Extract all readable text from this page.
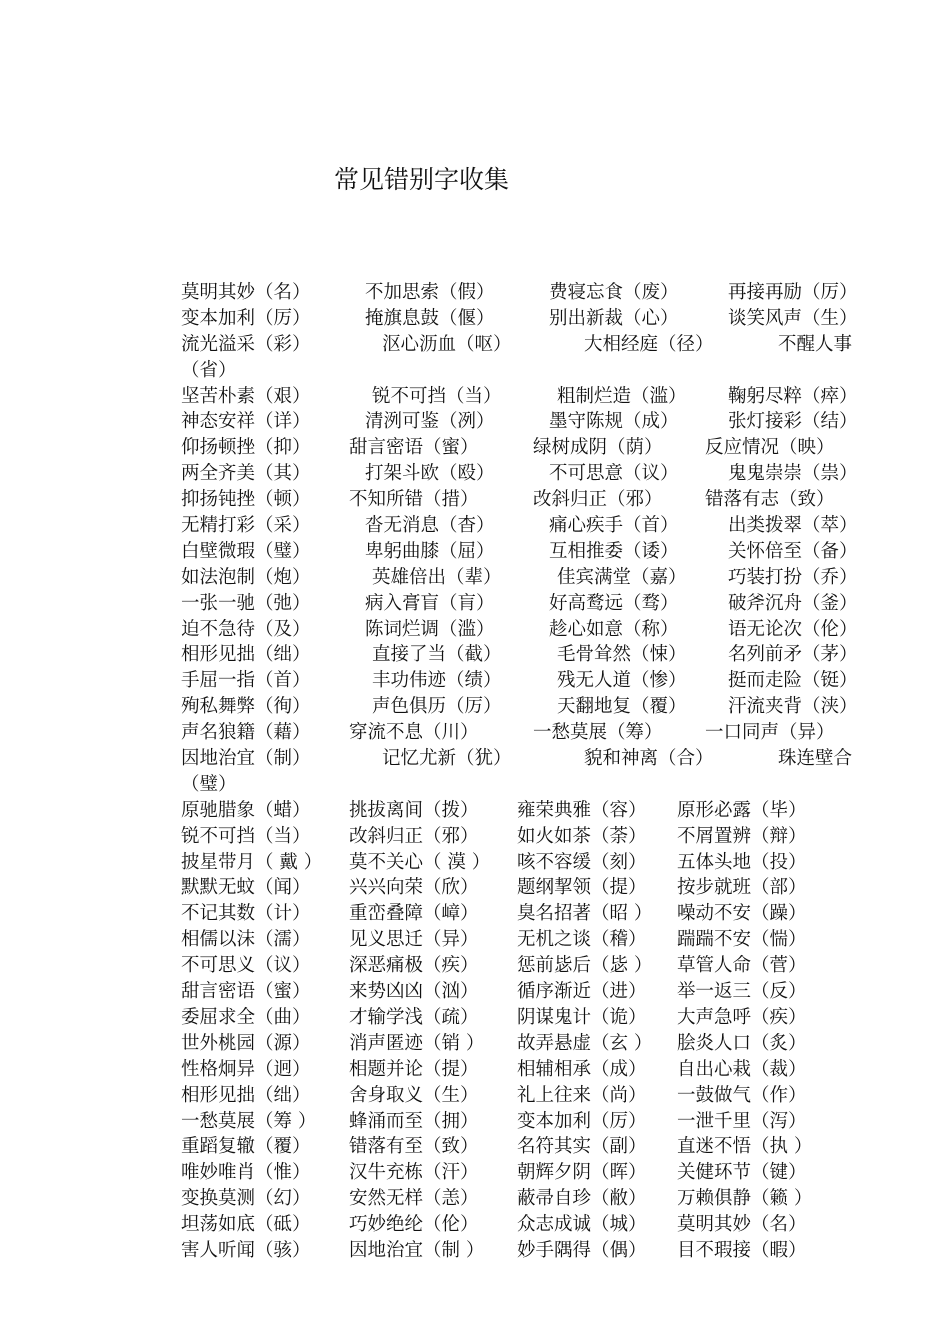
常见错别字收集
莫明其妙（名）	不加思索（假）	费寝忘食（废）	再接再励（厉）
变本加利（厉）	掩旗息鼓（偃）	别出新裁（心）	谈笑风声（生）
流光溢采（彩）	沤心沥血（呕）	大相经庭（径）	不醒人事
（省）
坚苦朴素（艰）	锐不可挡（当）	粗制烂造（滥） 鞠躬尽粹（瘁）
神态安祥（详）	清洌可鉴（冽）	墨守陈规（成）	张灯接彩（结）
仰扬顿挫（抑） 甜言密语（蜜）	绿树成阴（荫） 反应情况（映）
两全齐美（其）	打架斗欧（殴）	不可思意（议）	鬼鬼崇崇（祟）
抑扬钝挫（顿） 不知所错（措）	改斜归正（邪） 错落有志（致）
无精打彩（采）	沓无消息（杳）	痛心疾手（首）	出类拨翠（萃）
白壁微瑕（璧）	卑躬曲膝（屈）	互相推委（诿）	关怀倍至（备）
如法泡制（炮）	英雄倍出（辈）	佳宾满堂（嘉） 巧装打扮（乔）
一张一驰（弛）	病入膏盲（肓）	好高鹜远（骛）	破斧沉舟（釜）
迫不急待（及）	陈词烂调（滥）	趁心如意（称）	语无论次（伦）
相形见拙（绌）	直接了当（截）	毛骨耸然（悚） 名列前矛（茅）
手屈一指（首）	丰功伟迹（绩）	残无人道（惨） 挺而走险（铤）
殉私舞弊（徇）	声色俱历（厉）	天翻地复（覆） 汗流夹背（浃）
声名狼籍（藉） 穿流不息（川）	一愁莫展（筹） 一口同声（异）
因地治宜（制）	记忆尤新（犹）	貌和神离（合）	珠连壁合
（璧）
原驰腊象（蜡） 挑拔离间（拨） 雍荣典雅（容） 原形必露（毕）
锐不可挡（当） 改斜归正（邪） 如火如茶（荼） 不屑置辨（辩）
披星带月（ 戴 ） 莫不关心（ 漠 ） 咳不容缓（刻） 五体头地（投）
默默无蚊（闻） 兴兴向荣（欣） 题纲挈领（提） 按步就班（部）
不记其数（计） 重峦叠障（嶂） 臭名招著（昭 ） 噪动不安（躁）
相儒以沫（濡） 见义思迁（异） 无机之谈（稽） 踹踹不安（惴）
不可思义（议） 深恶痛极（疾） 惩前毖后（毖 ） 草管人命（菅）
甜言密语（蜜） 来势凶凶（汹） 循序渐近（进） 举一返三（反）
委屈求全（曲） 才输学浅（疏） 阴谋鬼计（诡） 大声急呼（疾）
世外桃园（源） 消声匿迹（销 ） 故弄悬虚（玄 ） 脍炎人口（炙）
性格炯异（迥） 相题并论（提） 相辅相承（成） 自出心栽（裁）
相形见拙（绌） 舍身取义（生） 礼上往来（尚） 一鼓做气（作）
一愁莫展（筹 ） 蜂涌而至（拥） 变本加利（厉） 一泄千里（泻）
重蹈复辙（覆） 错落有至（致） 名符其实（副） 直迷不悟（执 ）
唯妙唯肖（惟） 汉牛充栋（汗） 朝辉夕阴（晖） 关健环节（键）
变换莫测（幻） 安然无样（恙） 蔽帚自珍（敝） 万赖俱静（籁 ）
坦荡如底（砥） 巧妙绝纶（伦） 众志成诚（城） 莫明其妙（名）
害人听闻（骇） 因地治宜（制 ） 妙手隅得（偶） 目不瑕接（暇）
